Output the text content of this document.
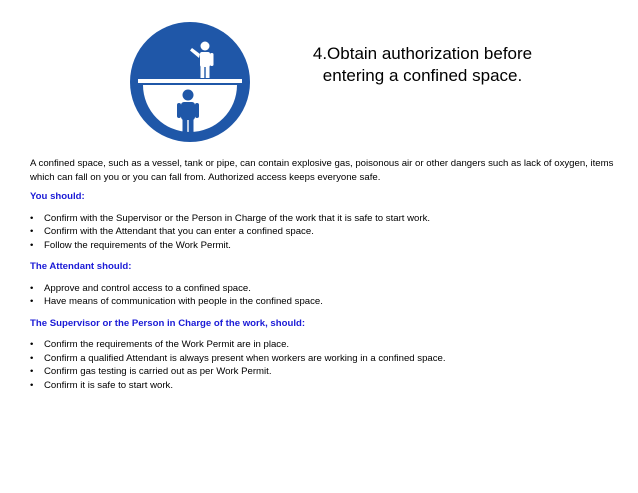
4.Obtain authorization before
entering a confined space.

A confined space, such as a vessel, tank or pipe, can contain explosive gas, poisonous air or other dangers such as lack of oxygen, items which can fall on you or you can fall from. Authorized access keeps everyone safe.

You should:

• Confirm with the Supervisor or the Person in Charge of the work that it is safe to start work.
• Confirm with the Attendant that you can enter a confined space.
• Follow the requirements of the Work Permit.

The Attendant should:

• Approve and control access to a confined space.
• Have means of communication with people in the confined space.

The Supervisor or the Person in Charge of the work, should:

• Confirm the requirements of the Work Permit are in place.
• Confirm a qualified Attendant is always present when workers are working in a confined space.
• Confirm gas testing is carried out as per Work Permit.
• Confirm it is safe to start work.
